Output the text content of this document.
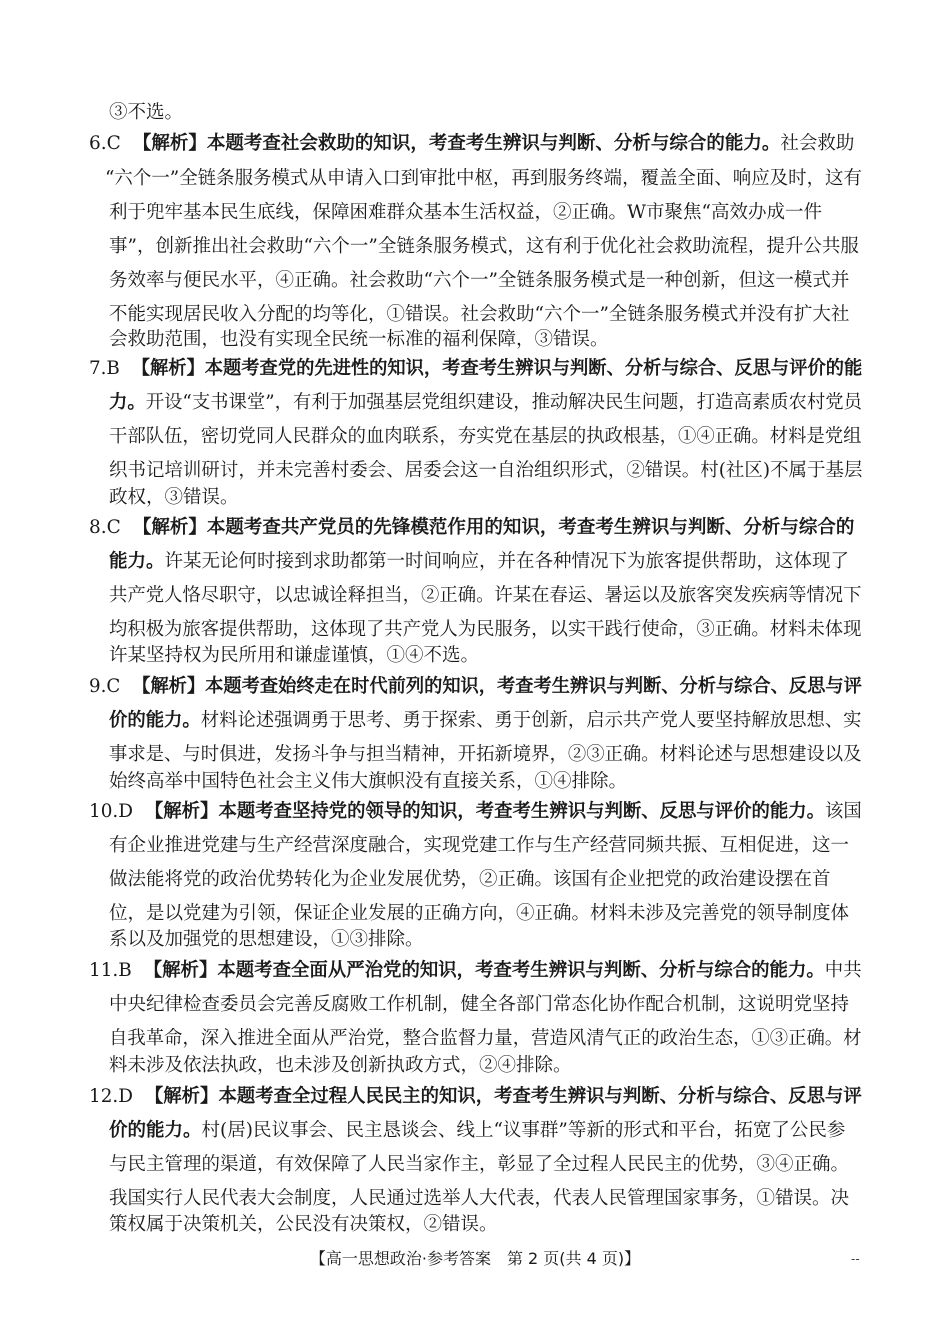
③不选。
6.C 【解析】本题考查社会救助的知识，考查考生辨识与判断、分析与综合的能力。社会救助
“六个一”全链条服务模式从申请入口到审批中枢，再到服务终端，覆盖全面、响应及时，这有
利于兜牢基本民生底线，保障困难群众基本生活权益，②正确。W市聚焦“高效办成一件
事”，创新推出社会救助“六个一”全链条服务模式，这有利于优化社会救助流程，提升公共服
务效率与便民水平，④正确。社会救助“六个一”全链条服务模式是一种创新，但这一模式并
不能实现居民收入分配的均等化，①错误。社会救助“六个一”全链条服务模式并没有扩大社
会救助范围，也没有实现全民统一标准的福利保障，③错误。
7.B 【解析】本题考查党的先进性的知识，考查考生辨识与判断、分析与综合、反思与评价的能
力。开设“支书课堂”，有利于加强基层党组织建设，推动解决民生问题，打造高素质农村党员
干部队伍，密切党同人民群众的血肉联系，夯实党在基层的执政根基，①④正确。材料是党组
织书记培训研讨，并未完善村委会、居委会这一自治组织形式，②错误。村(社区)不属于基层
政权，③错误。
8.C 【解析】本题考查共产党员的先锋模范作用的知识，考查考生辨识与判断、分析与综合的
能力。许某无论何时接到求助都第一时间响应，并在各种情况下为旅客提供帮助，这体现了
共产党人恪尽职守，以忠诚诠释担当，②正确。许某在春运、暑运以及旅客突发疾病等情况下
均积极为旅客提供帮助，这体现了共产党人为民服务，以实干践行使命，③正确。材料未体现
许某坚持权为民所用和谦虚谨慎，①④不选。
9.C 【解析】本题考查始终走在时代前列的知识，考查考生辨识与判断、分析与综合、反思与评
价的能力。材料论述强调勇于思考、勇于探索、勇于创新，启示共产党人要坚持解放思想、实
事求是、与时俱进，发扬斗争与担当精神，开拓新境界，②③正确。材料论述与思想建设以及
始终高举中国特色社会主义伟大旗帜没有直接关系，①④排除。
10.D 【解析】本题考查坚持党的领导的知识，考查考生辨识与判断、反思与评价的能力。该国
有企业推进党建与生产经营深度融合，实现党建工作与生产经营同频共振、互相促进，这一
做法能将党的政治优势转化为企业发展优势，②正确。该国有企业把党的政治建设摆在首
位，是以党建为引领，保证企业发展的正确方向，④正确。材料未涉及完善党的领导制度体
系以及加强党的思想建设，①③排除。
11.B 【解析】本题考查全面从严治党的知识，考查考生辨识与判断、分析与综合的能力。中共
中央纪律检查委员会完善反腐败工作机制，健全各部门常态化协作配合机制，这说明党坚持
自我革命，深入推进全面从严治党，整合监督力量，营造风清气正的政治生态，①③正确。材
料未涉及依法执政，也未涉及创新执政方式，②④排除。
12.D 【解析】本题考查全过程人民民主的知识，考查考生辨识与判断、分析与综合、反思与评
价的能力。村(居)民议事会、民主恳谈会、线上“议事群”等新的形式和平台，拓宽了公民参
与民主管理的渠道，有效保障了人民当家作主，彰显了全过程人民民主的优势，③④正确。
我国实行人民代表大会制度，人民通过选举人大代表，代表人民管理国家事务，①错误。决
策权属于决策机关，公民没有决策权，②错误。
【高一思想政治·参考答案　第 2 页(共 4 页)】	--
